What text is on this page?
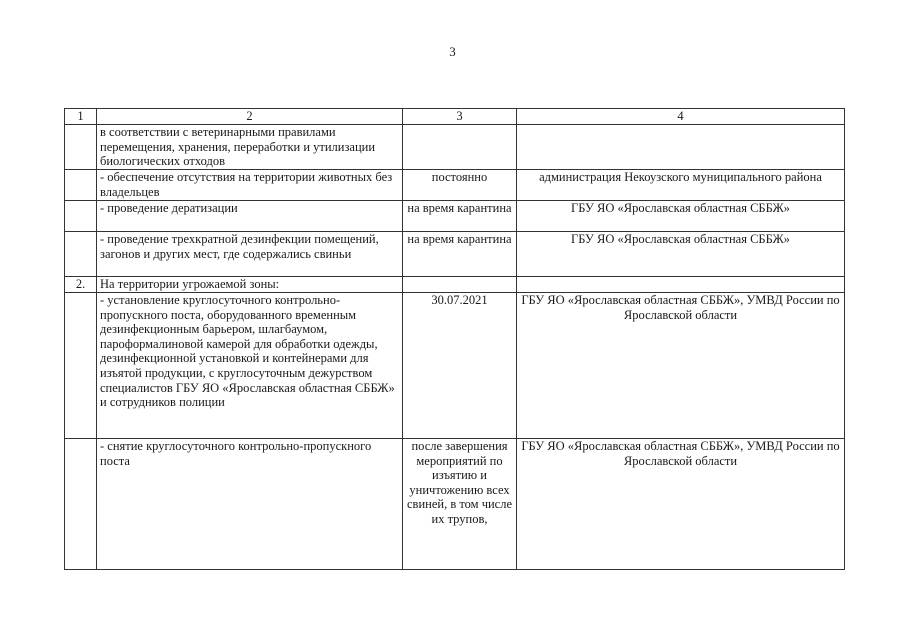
3
1	2	3	4
	в соответствии с ветеринарными правилами перемещения, хранения, переработки и утилизации биологических отходов		
	- обеспечение отсутствия на территории животных без владельцев	постоянно	администрация Некоузского муниципального района
	- проведение дератизации	на время карантина	ГБУ ЯО «Ярославская областная СББЖ»
	- проведение трехкратной дезинфекции помещений, загонов и других мест, где содержались свиньи	на время карантина	ГБУ ЯО «Ярославская областная СББЖ»
2.	На территории угрожаемой зоны:		
	- установление круглосуточного контрольно-пропускного поста, оборудованного временным дезинфекционным барьером, шлагбаумом, пароформалиновой камерой для обработки одежды, дезинфекционной установкой и контейнерами для изъятой продукции, с круглосуточным дежурством специалистов ГБУ ЯО «Ярославская областная СББЖ» и сотрудников полиции	30.07.2021	ГБУ ЯО «Ярославская областная СББЖ», УМВД России по Ярославской области
	- снятие круглосуточного контрольно-пропускного поста	после завершения мероприятий по изъятию и уничтожению всех свиней, в том числе их трупов,	ГБУ ЯО «Ярославская областная СББЖ», УМВД России по Ярославской области
